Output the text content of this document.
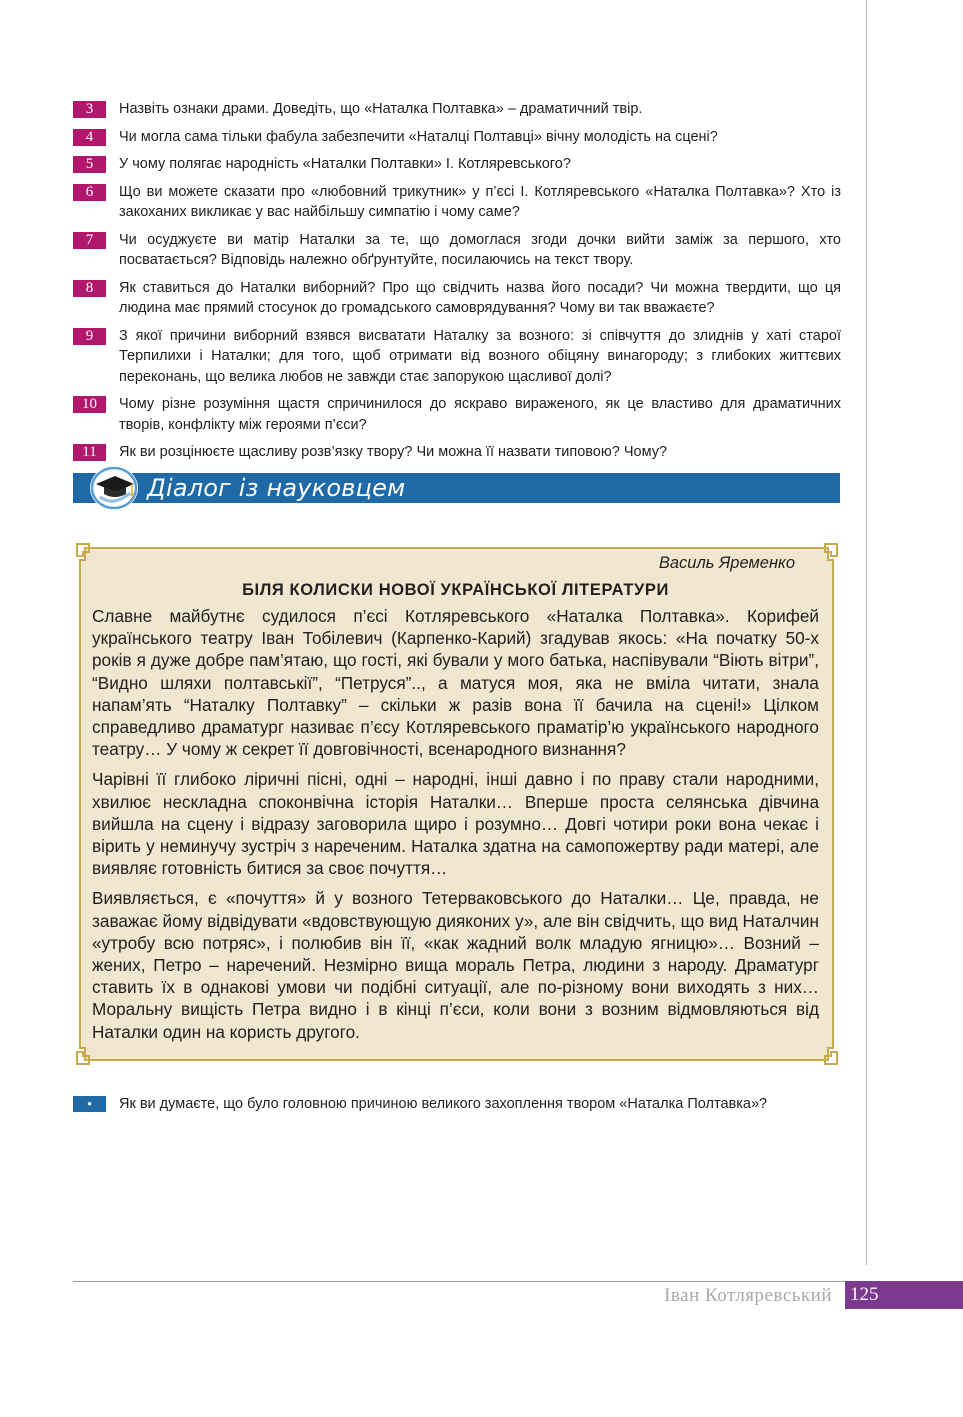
3	Назвіть ознаки драми. Доведіть, що «Наталка Полтавка» – драматичний твір.
4	Чи могла сама тільки фабула забезпечити «Наталці Полтавці» вічну молодість на сцені?
5	У чому полягає народність «Наталки Полтавки» І. Котляревського?
6	Що ви можете сказати про «любовний трикутник» у п’єсі І. Котляревського «Наталка Полтавка»? Хто із закоханих викликає у вас найбільшу симпатію і чому саме?
7	Чи осуджуєте ви матір Наталки за те, що домоглася згоди дочки вийти заміж за першого, хто посватається? Відповідь належно обґрунтуйте, посилаючись на текст твору.
8	Як ставиться до Наталки виборний? Про що свідчить назва його посади? Чи можна твердити, що ця людина має прямий стосунок до громадського самоврядування? Чому ви так вважаєте?
9	З якої причини виборний взявся висватати Наталку за возного: зі співчуття до злиднів у хаті старої Терпилихи і Наталки; для того, щоб отримати від возного обіцяну винагороду; з глибоких життєвих переконань, що велика любов не завжди стає запорукою щасливої долі?
10	Чому різне розуміння щастя спричинилося до яскраво вираженого, як це властиво для драматичних творів, конфлікту між героями п’єси?
11	Як ви розцінюєте щасливу розв’язку твору? Чи можна її назвати типовою? Чому?
Діалог із науковцем
Василь Яременко
БІЛЯ КОЛИСКИ НОВОЇ УКРАЇНСЬКОЇ ЛІТЕРАТУРИ

Славне майбутнє судилося п’єсі Котляревського «Наталка Полтавка». Корифей українського театру Іван Тобілевич (Карпенко-Карий) згадував якось: «На початку 50-х років я дуже добре пам’ятаю, що гості, які бували у мого батька, наспівували “Віють вітри”, “Видно шляхи полтавськії”, “Петруся”.., а матуся моя, яка не вміла читати, знала напам’ять “Наталку Полтавку” – скільки ж разів вона її бачила на сцені!» Цілком справедливо драматург називає п’єсу Котляревського праматір’ю українського народного театру… У чому ж секрет її довговічності, всенародного визнання?

Чарівні її глибоко ліричні пісні, одні – народні, інші давно і по праву стали народними, хвилює нескладна споконвічна історія Наталки… Вперше проста селянська дівчина вийшла на сцену і відразу заговорила щиро і розумно… Довгі чотири роки вона чекає і вірить у неминучу зустріч з нареченим. Наталка здатна на самопожертву ради матері, але виявляє готовність битися за своє почуття…

Виявляється, є «почуття» й у возного Тетерваковського до Наталки… Це, правда, не заважає йому відвідувати «вдовствующую дияконих у», але він свідчить, що вид Наталчин «утробу всю потряс», і полюбив він її, «как жадний волк младую ягницю»… Возний – жених, Петро – наречений. Незмірно вища мораль Петра, людини з народу. Драматург ставить їх в однакові умови чи подібні ситуації, але по-різному вони виходять з них… Моральну вищість Петра видно і в кінці п’єси, коли вони з возним відмовляються від Наталки один на користь другого.

•	Як ви думаєте, що було головною причиною великого захоплення твором «Наталка Полтавка»?
Іван Котляревський 125
